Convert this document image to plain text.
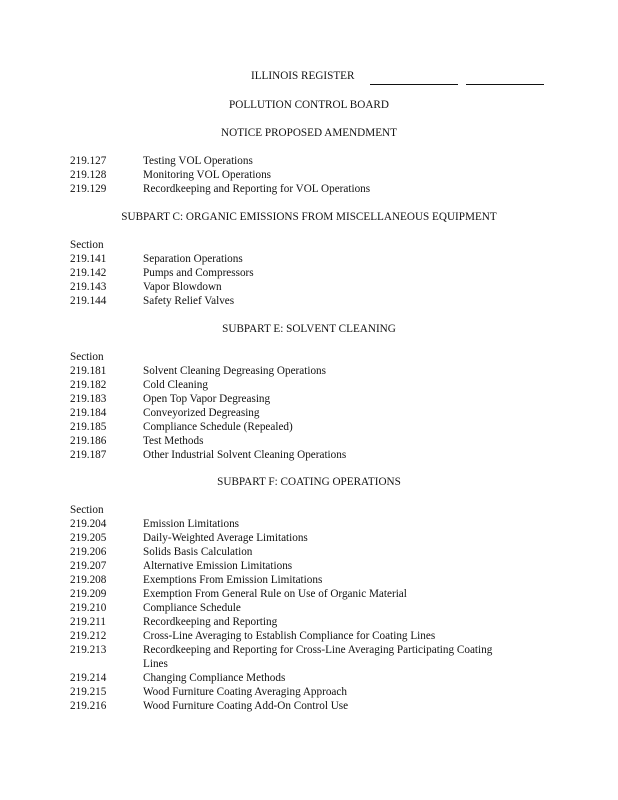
ILLINOIS REGISTER
POLLUTION CONTROL BOARD
NOTICE PROPOSED AMENDMENT
219.127	Testing VOL Operations
219.128	Monitoring VOL Operations
219.129	Recordkeeping and Reporting for VOL Operations
SUBPART C: ORGANIC EMISSIONS FROM MISCELLANEOUS EQUIPMENT
Section
219.141	Separation Operations
219.142	Pumps and Compressors
219.143	Vapor Blowdown
219.144	Safety Relief Valves
SUBPART E: SOLVENT CLEANING
Section
219.181	Solvent Cleaning Degreasing Operations
219.182	Cold Cleaning
219.183	Open Top Vapor Degreasing
219.184	Conveyorized Degreasing
219.185	Compliance Schedule (Repealed)
219.186	Test Methods
219.187	Other Industrial Solvent Cleaning Operations
SUBPART F: COATING OPERATIONS
Section
219.204	Emission Limitations
219.205	Daily-Weighted Average Limitations
219.206	Solids Basis Calculation
219.207	Alternative Emission Limitations
219.208	Exemptions From Emission Limitations
219.209	Exemption From General Rule on Use of Organic Material
219.210	Compliance Schedule
219.211	Recordkeeping and Reporting
219.212	Cross-Line Averaging to Establish Compliance for Coating Lines
219.213	Recordkeeping and Reporting for Cross-Line Averaging Participating Coating
Lines
219.214	Changing Compliance Methods
219.215	Wood Furniture Coating Averaging Approach
219.216	Wood Furniture Coating Add-On Control Use
